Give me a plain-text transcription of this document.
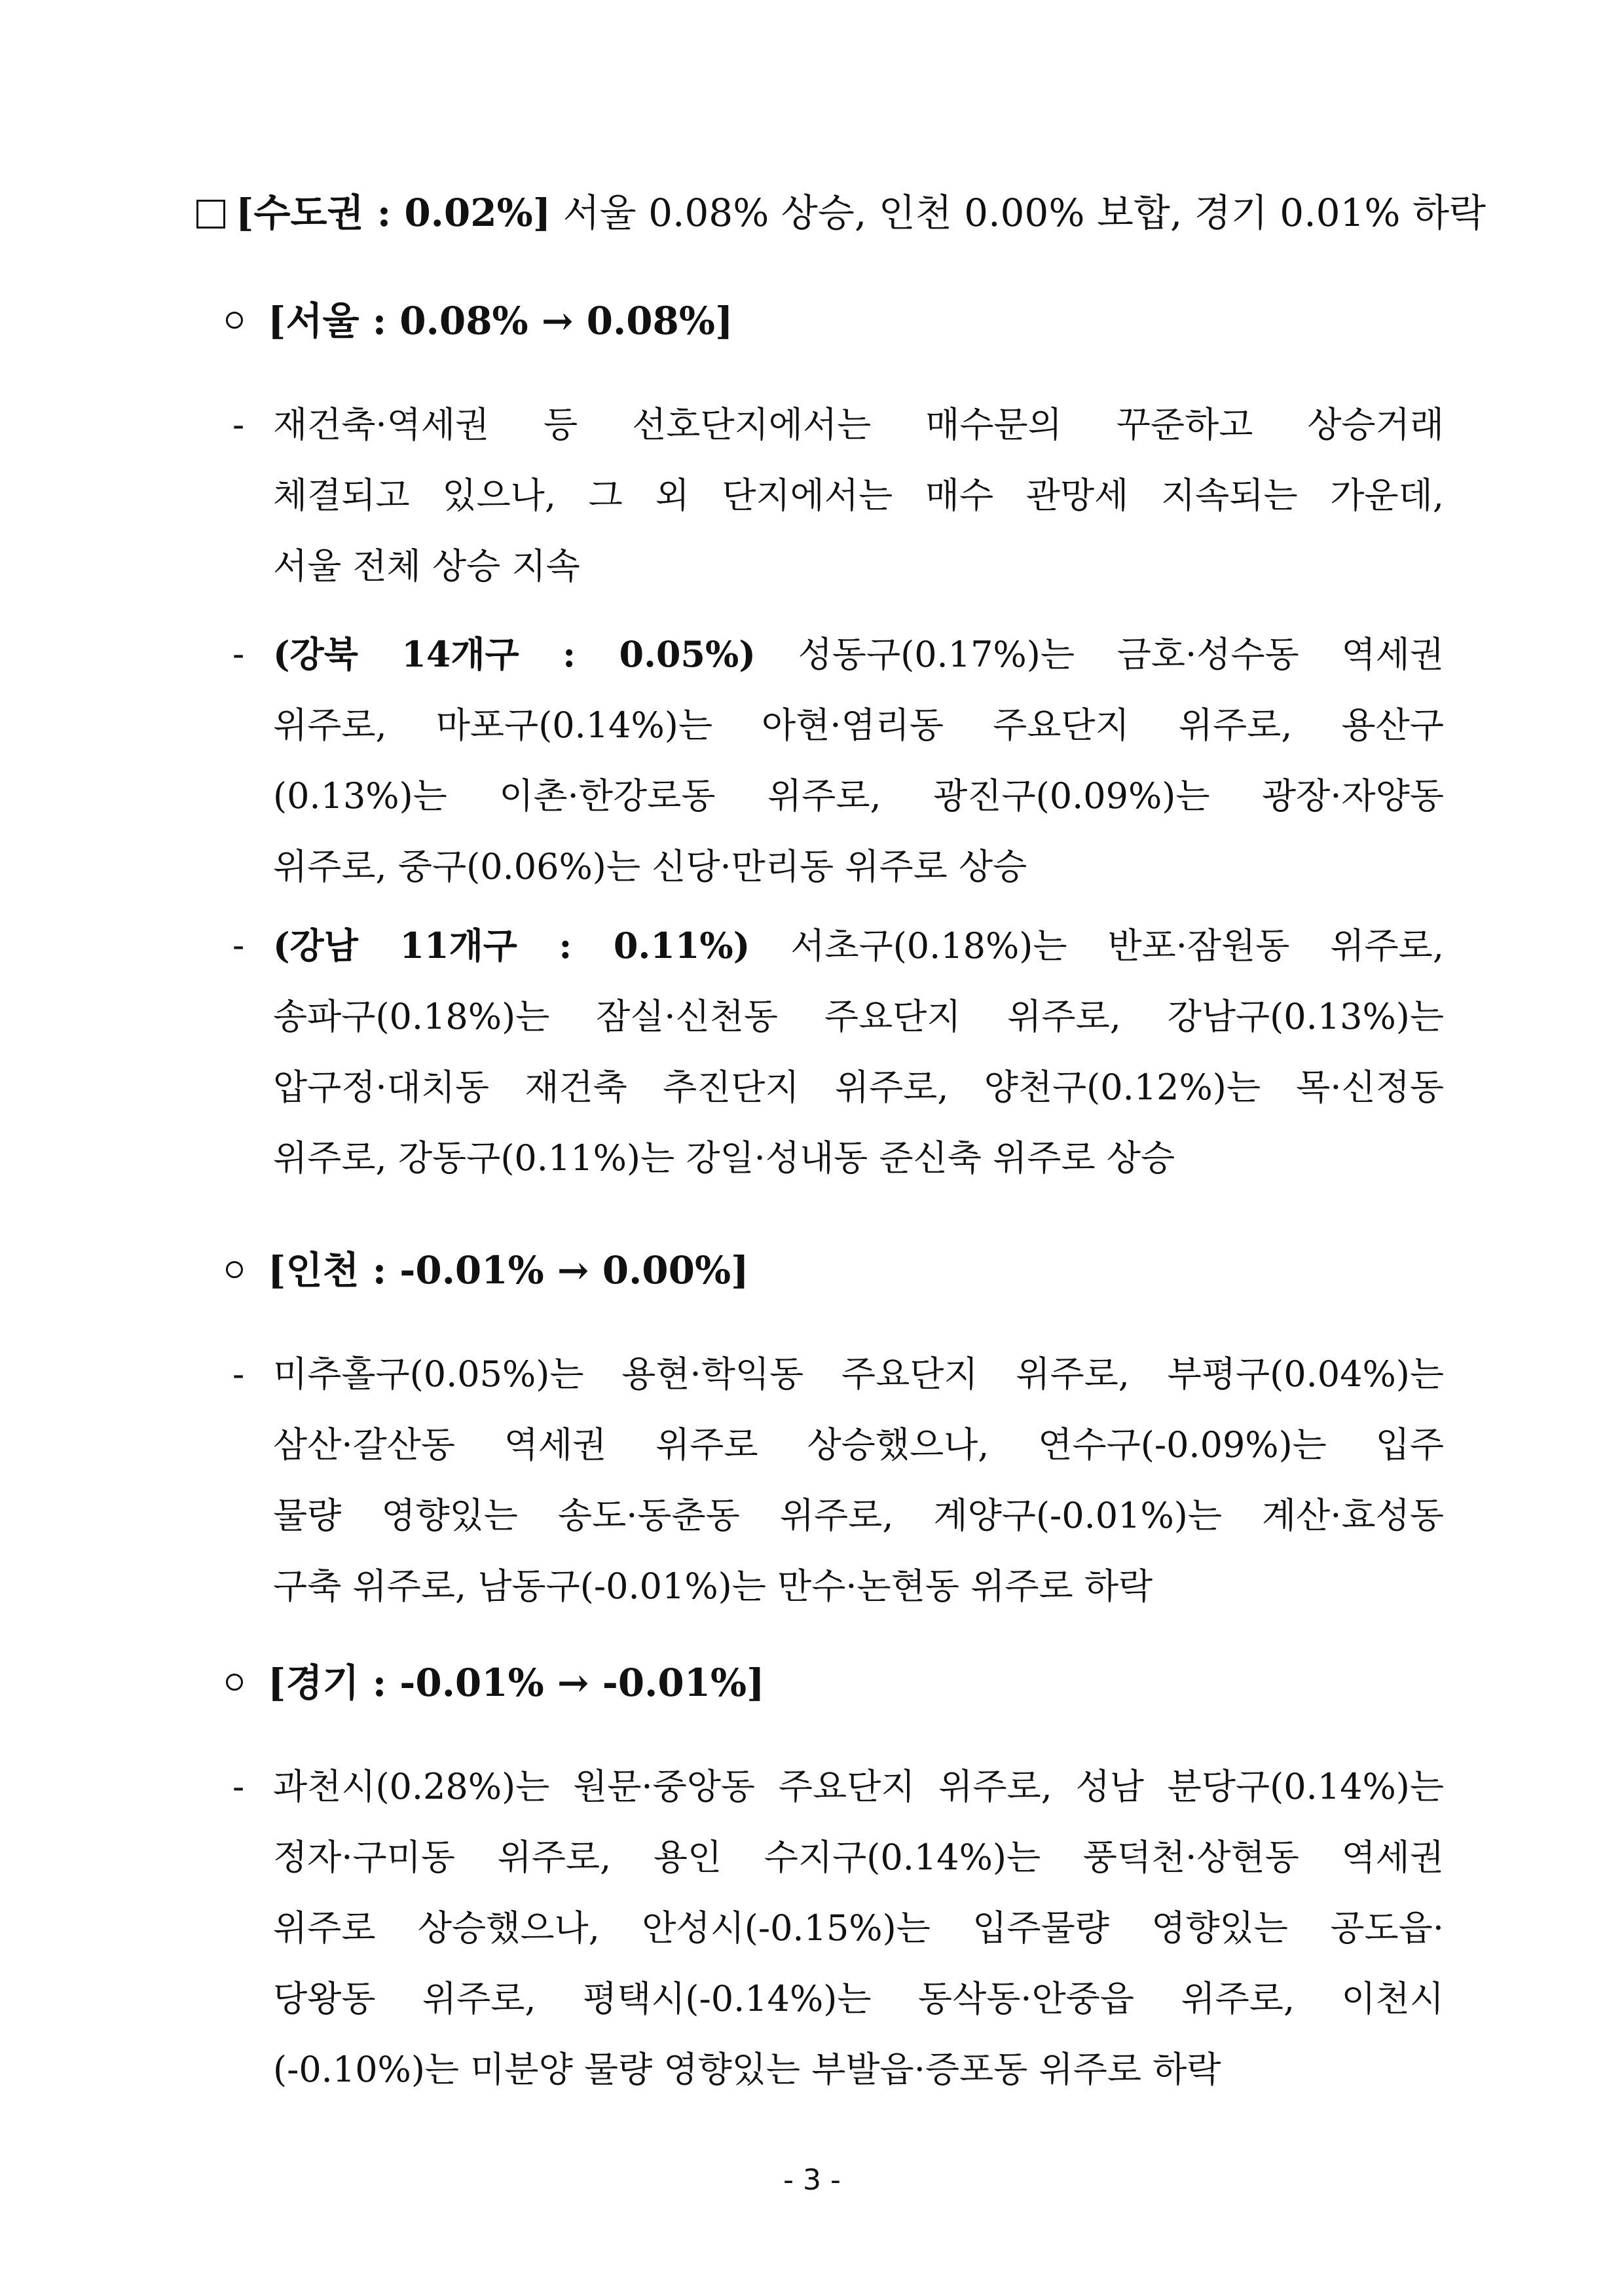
[수도권 : 0.02%] 서울 0.08% 상승, 인천 0.00% 보합, 경기 0.01% 하락
[서울 : 0.08% → 0.08%]
- 재건축·역세권 등 선호단지에서는 매수문의 꾸준하고 상승거래
체결되고 있으나, 그 외 단지에서는 매수 관망세 지속되는 가운데,
서울 전체 상승 지속
- (강북 14개구 : 0.05%) 성동구(0.17%)는 금호·성수동 역세권
위주로, 마포구(0.14%)는 아현·염리동 주요단지 위주로, 용산구
(0.13%)는 이촌·한강로동 위주로, 광진구(0.09%)는 광장·자양동
위주로, 중구(0.06%)는 신당·만리동 위주로 상승
- (강남 11개구 : 0.11%) 서초구(0.18%)는 반포·잠원동 위주로,
송파구(0.18%)는 잠실·신천동 주요단지 위주로, 강남구(0.13%)는
압구정·대치동 재건축 추진단지 위주로, 양천구(0.12%)는 목·신정동
위주로, 강동구(0.11%)는 강일·성내동 준신축 위주로 상승
[인천 : -0.01% → 0.00%]
- 미추홀구(0.05%)는 용현·학익동 주요단지 위주로, 부평구(0.04%)는
삼산·갈산동 역세권 위주로 상승했으나, 연수구(-0.09%)는 입주
물량 영향있는 송도·동춘동 위주로, 계양구(-0.01%)는 계산·효성동
구축 위주로, 남동구(-0.01%)는 만수·논현동 위주로 하락
[경기 : -0.01% → -0.01%]
- 과천시(0.28%)는 원문·중앙동 주요단지 위주로, 성남 분당구(0.14%)는
정자·구미동 위주로, 용인 수지구(0.14%)는 풍덕천·상현동 역세권
위주로 상승했으나, 안성시(-0.15%)는 입주물량 영향있는 공도읍·
당왕동 위주로, 평택시(-0.14%)는 동삭동·안중읍 위주로, 이천시
(-0.10%)는 미분양 물량 영향있는 부발읍·증포동 위주로 하락
- 3 -
